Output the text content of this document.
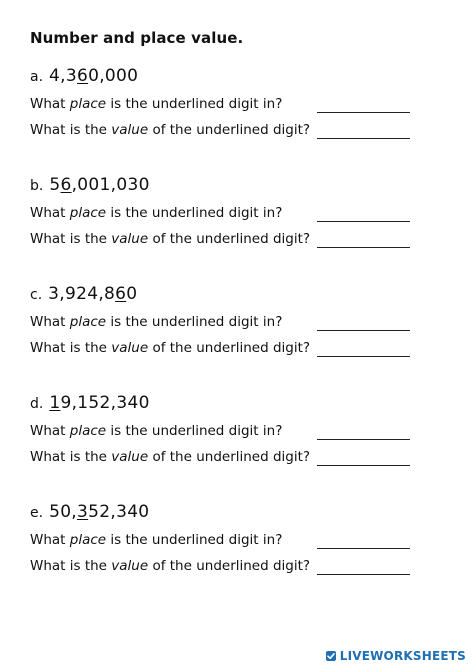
Number and place value.
a. 4,360,000
What place is the underlined digit in?
What is the value of the underlined digit?
b. 56,001,030
What place is the underlined digit in?
What is the value of the underlined digit?
c. 3,924,860
What place is the underlined digit in?
What is the value of the underlined digit?
d. 19,152,340
What place is the underlined digit in?
What is the value of the underlined digit?
e. 50,352,340
What place is the underlined digit in?
What is the value of the underlined digit?
LIVEWORKSHEETS
